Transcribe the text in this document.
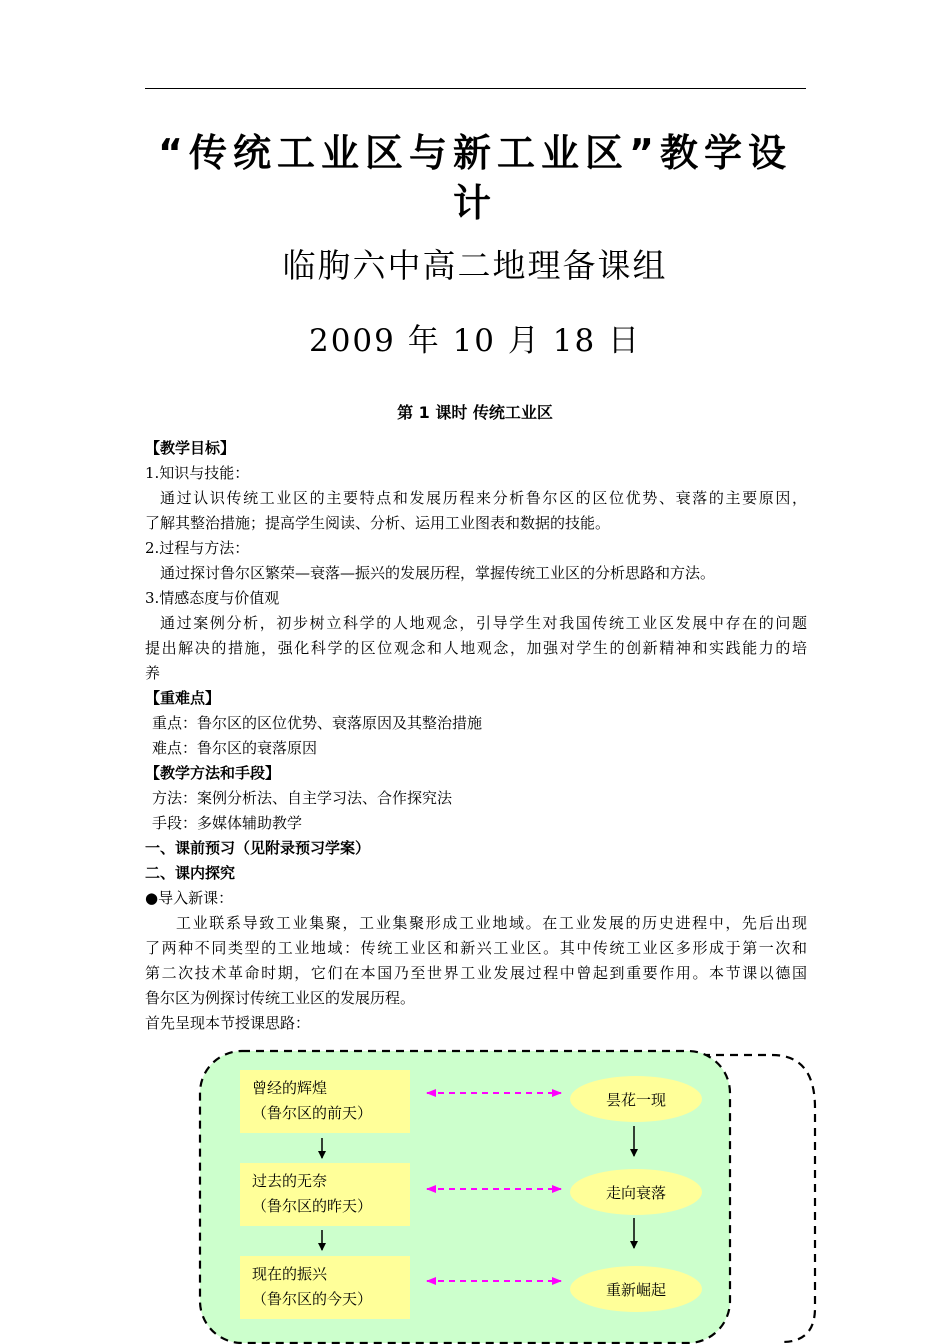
“传统工业区与新工业区”教学设
计
临朐六中高二地理备课组
2009 年 10 月 18 日
第 1 课时 传统工业区
【教学目标】
1.知识与技能：
通过认识传统工业区的主要特点和发展历程来分析鲁尔区的区位优势、衰落的主要原因，
了解其整治措施；提高学生阅读、分析、运用工业图表和数据的技能。
2.过程与方法：
通过探讨鲁尔区繁荣—衰落—振兴的发展历程，掌握传统工业区的分析思路和方法。
3.情感态度与价值观
通过案例分析，初步树立科学的人地观念，引导学生对我国传统工业区发展中存在的问题
提出解决的措施，强化科学的区位观念和人地观念，加强对学生的创新精神和实践能力的培
养
【重难点】
重点：鲁尔区的区位优势、衰落原因及其整治措施
难点：鲁尔区的衰落原因
【教学方法和手段】
方法：案例分析法、自主学习法、合作探究法
手段：多媒体辅助教学
一、课前预习（见附录预习学案）
二、课内探究
●导入新课：
工业联系导致工业集聚，工业集聚形成工业地域。在工业发展的历史进程中，先后出现
了两种不同类型的工业地域：传统工业区和新兴工业区。其中传统工业区多形成于第一次和
第二次技术革命时期，它们在本国乃至世界工业发展过程中曾起到重要作用。本节课以德国
鲁尔区为例探讨传统工业区的发展历程。
首先呈现本节授课思路：
曾经的辉煌
（鲁尔区的前天）
过去的无奈
（鲁尔区的昨天）
现在的振兴
（鲁尔区的今天）
昙花一现
走向衰落
重新崛起
